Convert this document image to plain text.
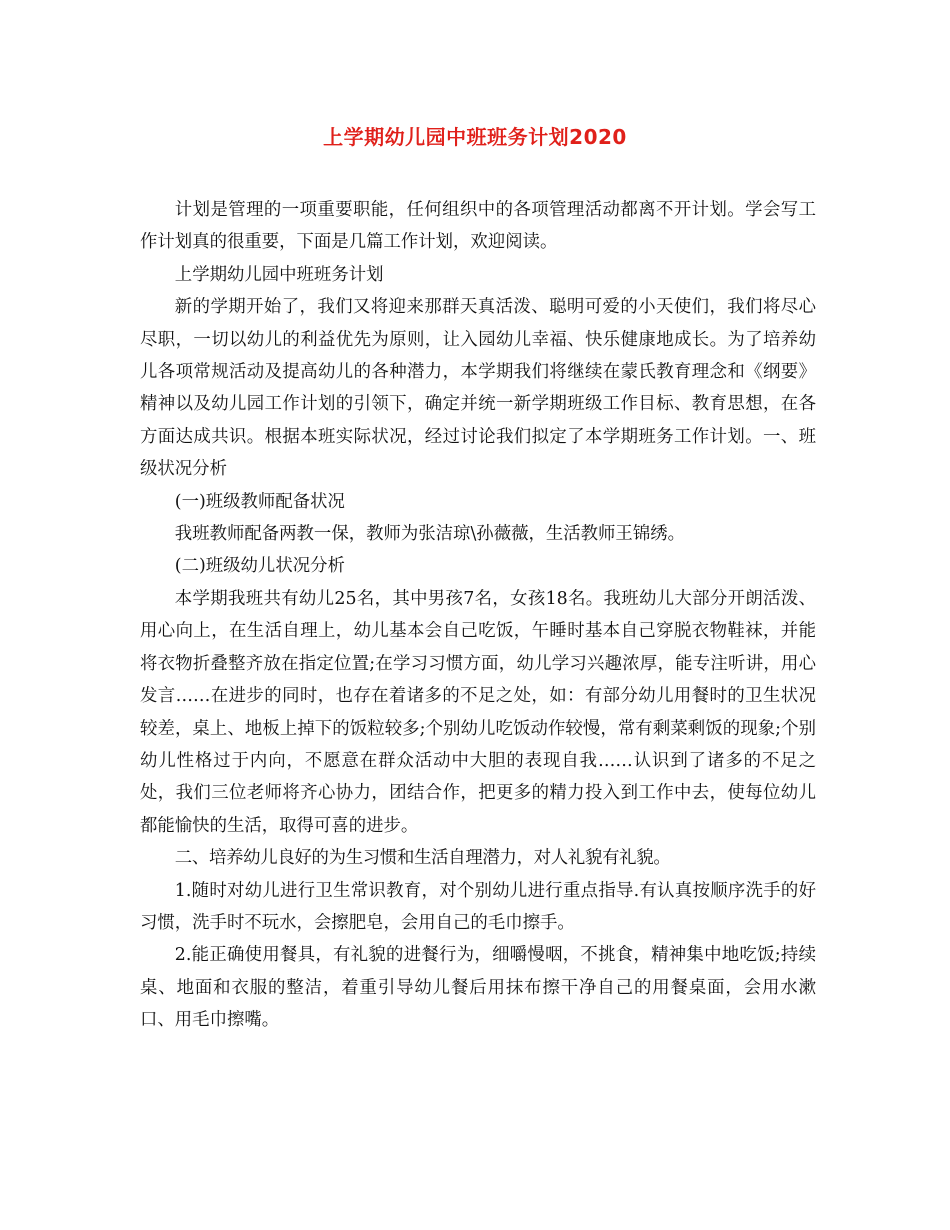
上学期幼儿园中班班务计划2020

计划是管理的一项重要职能，任何组织中的各项管理活动都离不开计划。学会写工作计划真的很重要，下面是几篇工作计划，欢迎阅读。

上学期幼儿园中班班务计划

新的学期开始了，我们又将迎来那群天真活泼、聪明可爱的小天使们，我们将尽心尽职，一切以幼儿的利益优先为原则，让入园幼儿幸福、快乐健康地成长。为了培养幼儿各项常规活动及提高幼儿的各种潜力，本学期我们将继续在蒙氏教育理念和《纲要》精神以及幼儿园工作计划的引领下，确定并统一新学期班级工作目标、教育思想，在各方面达成共识。根据本班实际状况，经过讨论我们拟定了本学期班务工作计划。一、班级状况分析

(一)班级教师配备状况

我班教师配备两教一保，教师为张洁琼\孙薇薇，生活教师王锦绣。

(二)班级幼儿状况分析

本学期我班共有幼儿25名，其中男孩7名，女孩18名。我班幼儿大部分开朗活泼、用心向上，在生活自理上，幼儿基本会自己吃饭，午睡时基本自己穿脱衣物鞋袜，并能将衣物折叠整齐放在指定位置;在学习习惯方面，幼儿学习兴趣浓厚，能专注听讲，用心发言……在进步的同时，也存在着诸多的不足之处，如：有部分幼儿用餐时的卫生状况较差，桌上、地板上掉下的饭粒较多;个别幼儿吃饭动作较慢，常有剩菜剩饭的现象;个别幼儿性格过于内向，不愿意在群众活动中大胆的表现自我……认识到了诸多的不足之处，我们三位老师将齐心协力，团结合作，把更多的精力投入到工作中去，使每位幼儿都能愉快的生活，取得可喜的进步。

二、培养幼儿良好的为生习惯和生活自理潜力，对人礼貌有礼貌。

1.随时对幼儿进行卫生常识教育，对个别幼儿进行重点指导.有认真按顺序洗手的好习惯，洗手时不玩水，会擦肥皂，会用自己的毛巾擦手。

2.能正确使用餐具，有礼貌的进餐行为，细嚼慢咽，不挑食，精神集中地吃饭;持续桌、地面和衣服的整洁，着重引导幼儿餐后用抹布擦干净自己的用餐桌面，会用水漱口、用毛巾擦嘴。
